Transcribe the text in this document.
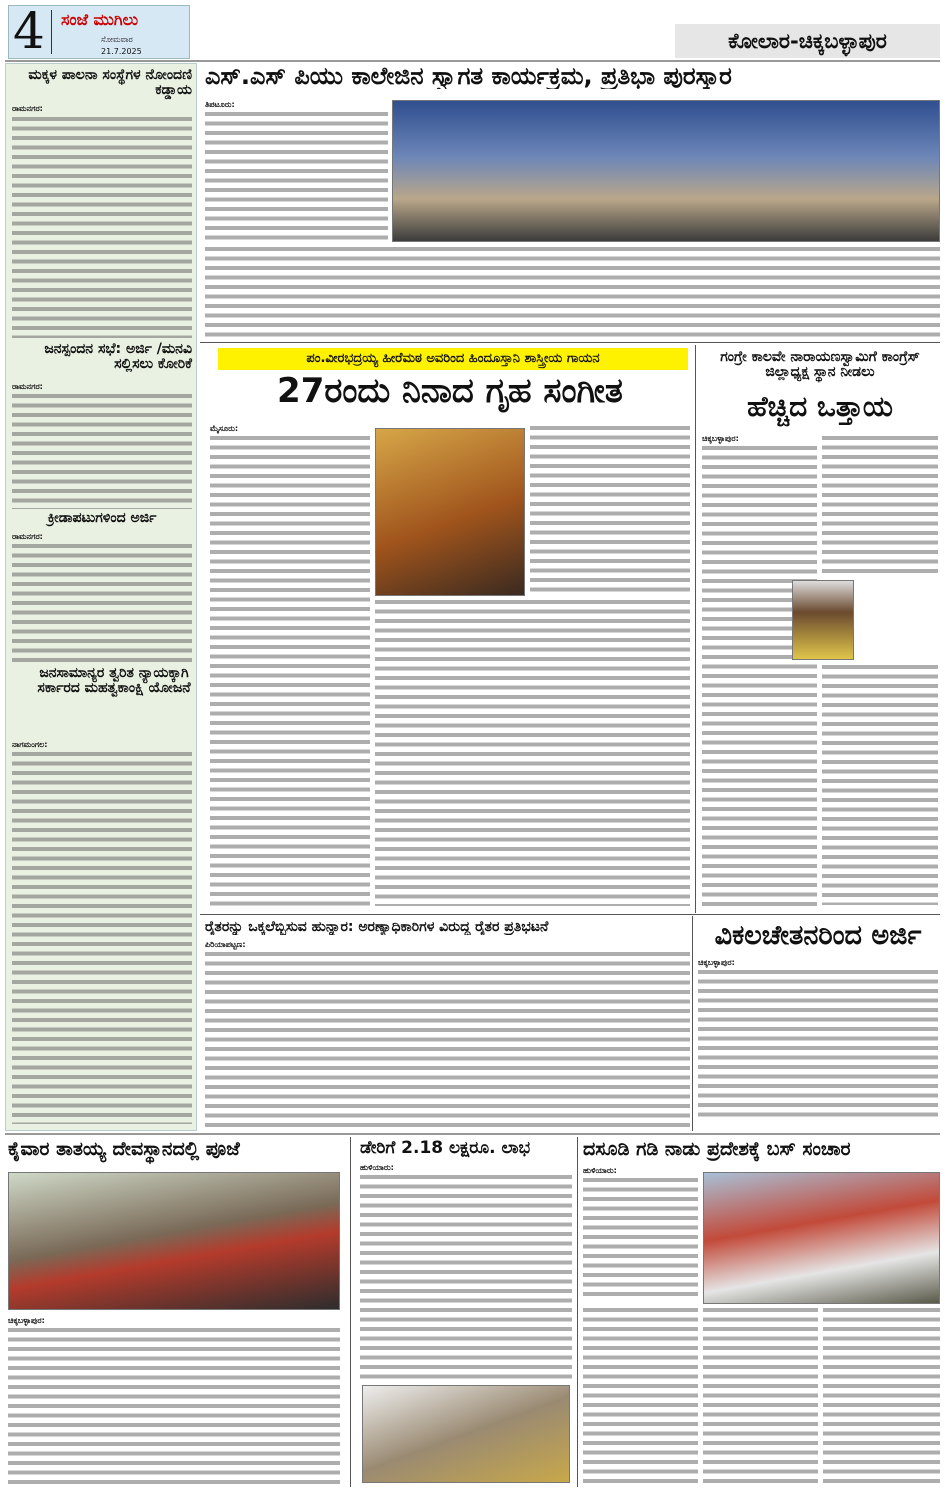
4 ಸಂಜೆ ಮುಗಿಲು
ಸೋಮವಾರ
21.7.2025	ಕೋಲಾರ-ಚಿಕ್ಕಬಳ್ಳಾಪುರ
ಮಕ್ಕಳ ಪಾಲನಾ ಸಂಸ್ಥೆಗಳ ನೋಂದಣಿ ಕಡ್ಡಾಯ
ರಾಮನಗರ:
ಜನಸ್ಪಂದನ ಸಭೆ: ಅರ್ಜಿ /ಮನವಿ ಸಲ್ಲಿಸಲು ಕೋರಿಕೆ
ರಾಮನಗರ:
ಕ್ರೀಡಾಪಟುಗಳಿಂದ ಅರ್ಜಿ
ರಾಮನಗರ:
ಜನಸಾಮಾನ್ಯರ ತ್ವರಿತ ನ್ಯಾಯಕ್ಕಾಗಿ ಸರ್ಕಾರದ ಮಹತ್ವಕಾಂಕ್ಷಿ ಯೋಜನೆ
ನಾಗಮಂಗಲ:
ಎಸ್.ಎಸ್ ಪಿಯು ಕಾಲೇಜಿನ ಸ್ವಾಗತ ಕಾರ್ಯಕ್ರಮ, ಪ್ರತಿಭಾ ಪುರಸ್ಕಾರ
ತಿಪಟೂರು:
ಪಂ.ವೀರಭದ್ರಯ್ಯ ಹೀರೆಮಠ ಅವರಿಂದ ಹಿಂದೂಸ್ತಾನಿ ಶಾಸ್ತ್ರೀಯ ಗಾಯನ
27ರಂದು ನಿನಾದ ಗೃಹ ಸಂಗೀತ
ಮೈಸೂರು:
ಗಂಗ್ರೇ ಕಾಲವೇ ನಾರಾಯಣಸ್ವಾಮಿಗೆ ಕಾಂಗ್ರೆಸ್ ಜಿಲ್ಲಾಧ್ಯಕ್ಷ ಸ್ಥಾನ ನೀಡಲು
ಹೆಚ್ಚಿದ ಒತ್ತಾಯ
ಚಿಕ್ಕಬಳ್ಳಾಪುರ:
ರೈತರನ್ನು ಒಕ್ಕಲೆಬ್ಬಿಸುವ ಹುನ್ನಾರ: ಅರಣ್ಯಾಧಿಕಾರಿಗಳ ವಿರುದ್ಧ ರೈತರ ಪ್ರತಿಭಟನೆ
ಪಿರಿಯಾಪಟ್ಟಣ:	ವಿಕಲಚೇತನರಿಂದ ಅರ್ಜಿ
ಚಿಕ್ಕಬಳ್ಳಾಪುರ:
ಕೈವಾರ ತಾತಯ್ಯ ದೇವಸ್ಥಾನದಲ್ಲಿ ಪೂಜೆ
ಚಿಕ್ಕಬಳ್ಳಾಪುರ:
ಡೇರಿಗೆ 2.18 ಲಕ್ಷರೂ. ಲಾಭ
ಹುಳಿಯಾರು:
ದಸೂಡಿ ಗಡಿ ನಾಡು ಪ್ರದೇಶಕ್ಕೆ ಬಸ್ ಸಂಚಾರ
ಹುಳಿಯಾರು:
